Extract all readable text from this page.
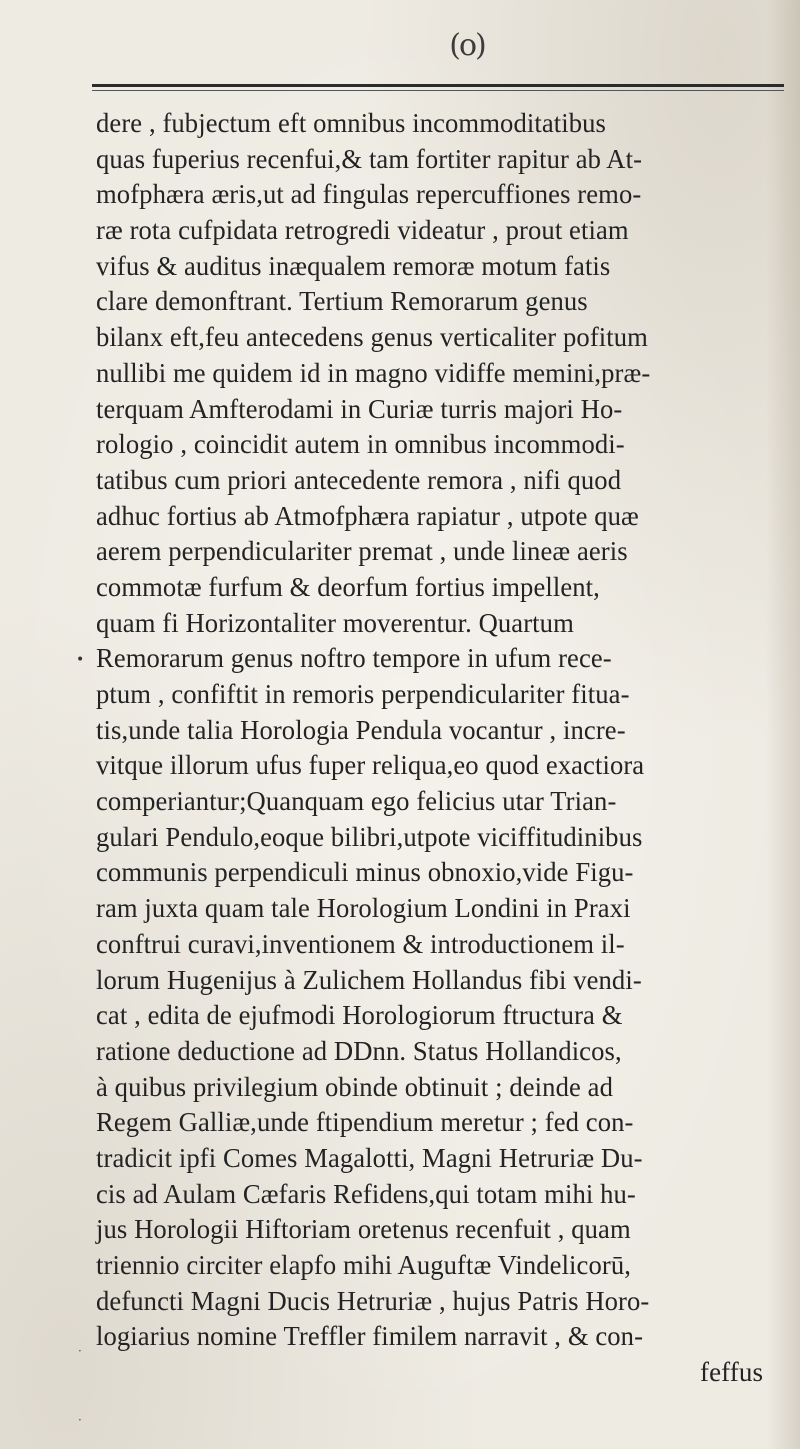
(o)
•
·
·
dere , fubjectum eft omnibus incommoditatibus
quas fuperius recenfui,& tam fortiter rapitur ab At-
mofphæra æris,ut ad fingulas repercuffiones remo-
ræ rota cufpidata retrogredi videatur , prout etiam
vifus & auditus inæqualem remoræ motum fatis
clare demonftrant. Tertium Remorarum genus
bilanx eft,feu antecedens genus verticaliter pofitum
nullibi me quidem id in magno vidiffe memini,præ-
terquam Amfterodami in Curiæ turris majori Ho-
rologio , coincidit autem in omnibus incommodi-
tatibus cum priori antecedente remora , nifi quod
adhuc fortius ab Atmofphæra rapiatur , utpote quæ
aerem perpendiculariter premat , unde lineæ aeris
commotæ furfum & deorfum fortius impellent,
quam fi Horizontaliter moverentur. Quartum
Remorarum genus noftro tempore in ufum rece-
ptum , confiftit in remoris perpendiculariter fitua-
tis,unde talia Horologia Pendula vocantur , incre-
vitque illorum ufus fuper reliqua,eo quod exactiora
comperiantur;Quanquam ego felicius utar Trian-
gulari Pendulo,eoque bilibri,utpote viciffitudinibus
communis perpendiculi minus obnoxio,vide Figu-
ram juxta quam tale Horologium Londini in Praxi
conftrui curavi,inventionem & introductionem il-
lorum Hugenijus à Zulichem Hollandus fibi vendi-
cat , edita de ejufmodi Horologiorum ftructura &
ratione deductione ad DDnn. Status Hollandicos,
à quibus privilegium obinde obtinuit ; deinde ad
Regem Galliæ,unde ftipendium meretur ; fed con-
tradicit ipfi Comes Magalotti, Magni Hetruriæ Du-
cis ad Aulam Cæfaris Refidens,qui totam mihi hu-
jus Horologii Hiftoriam oretenus recenfuit , quam
triennio circiter elapfo mihi Auguftæ Vindelicorū,
defuncti Magni Ducis Hetruriæ , hujus Patris Horo-
logiarius nomine Treffler fimilem narravit , & con-
feffus
